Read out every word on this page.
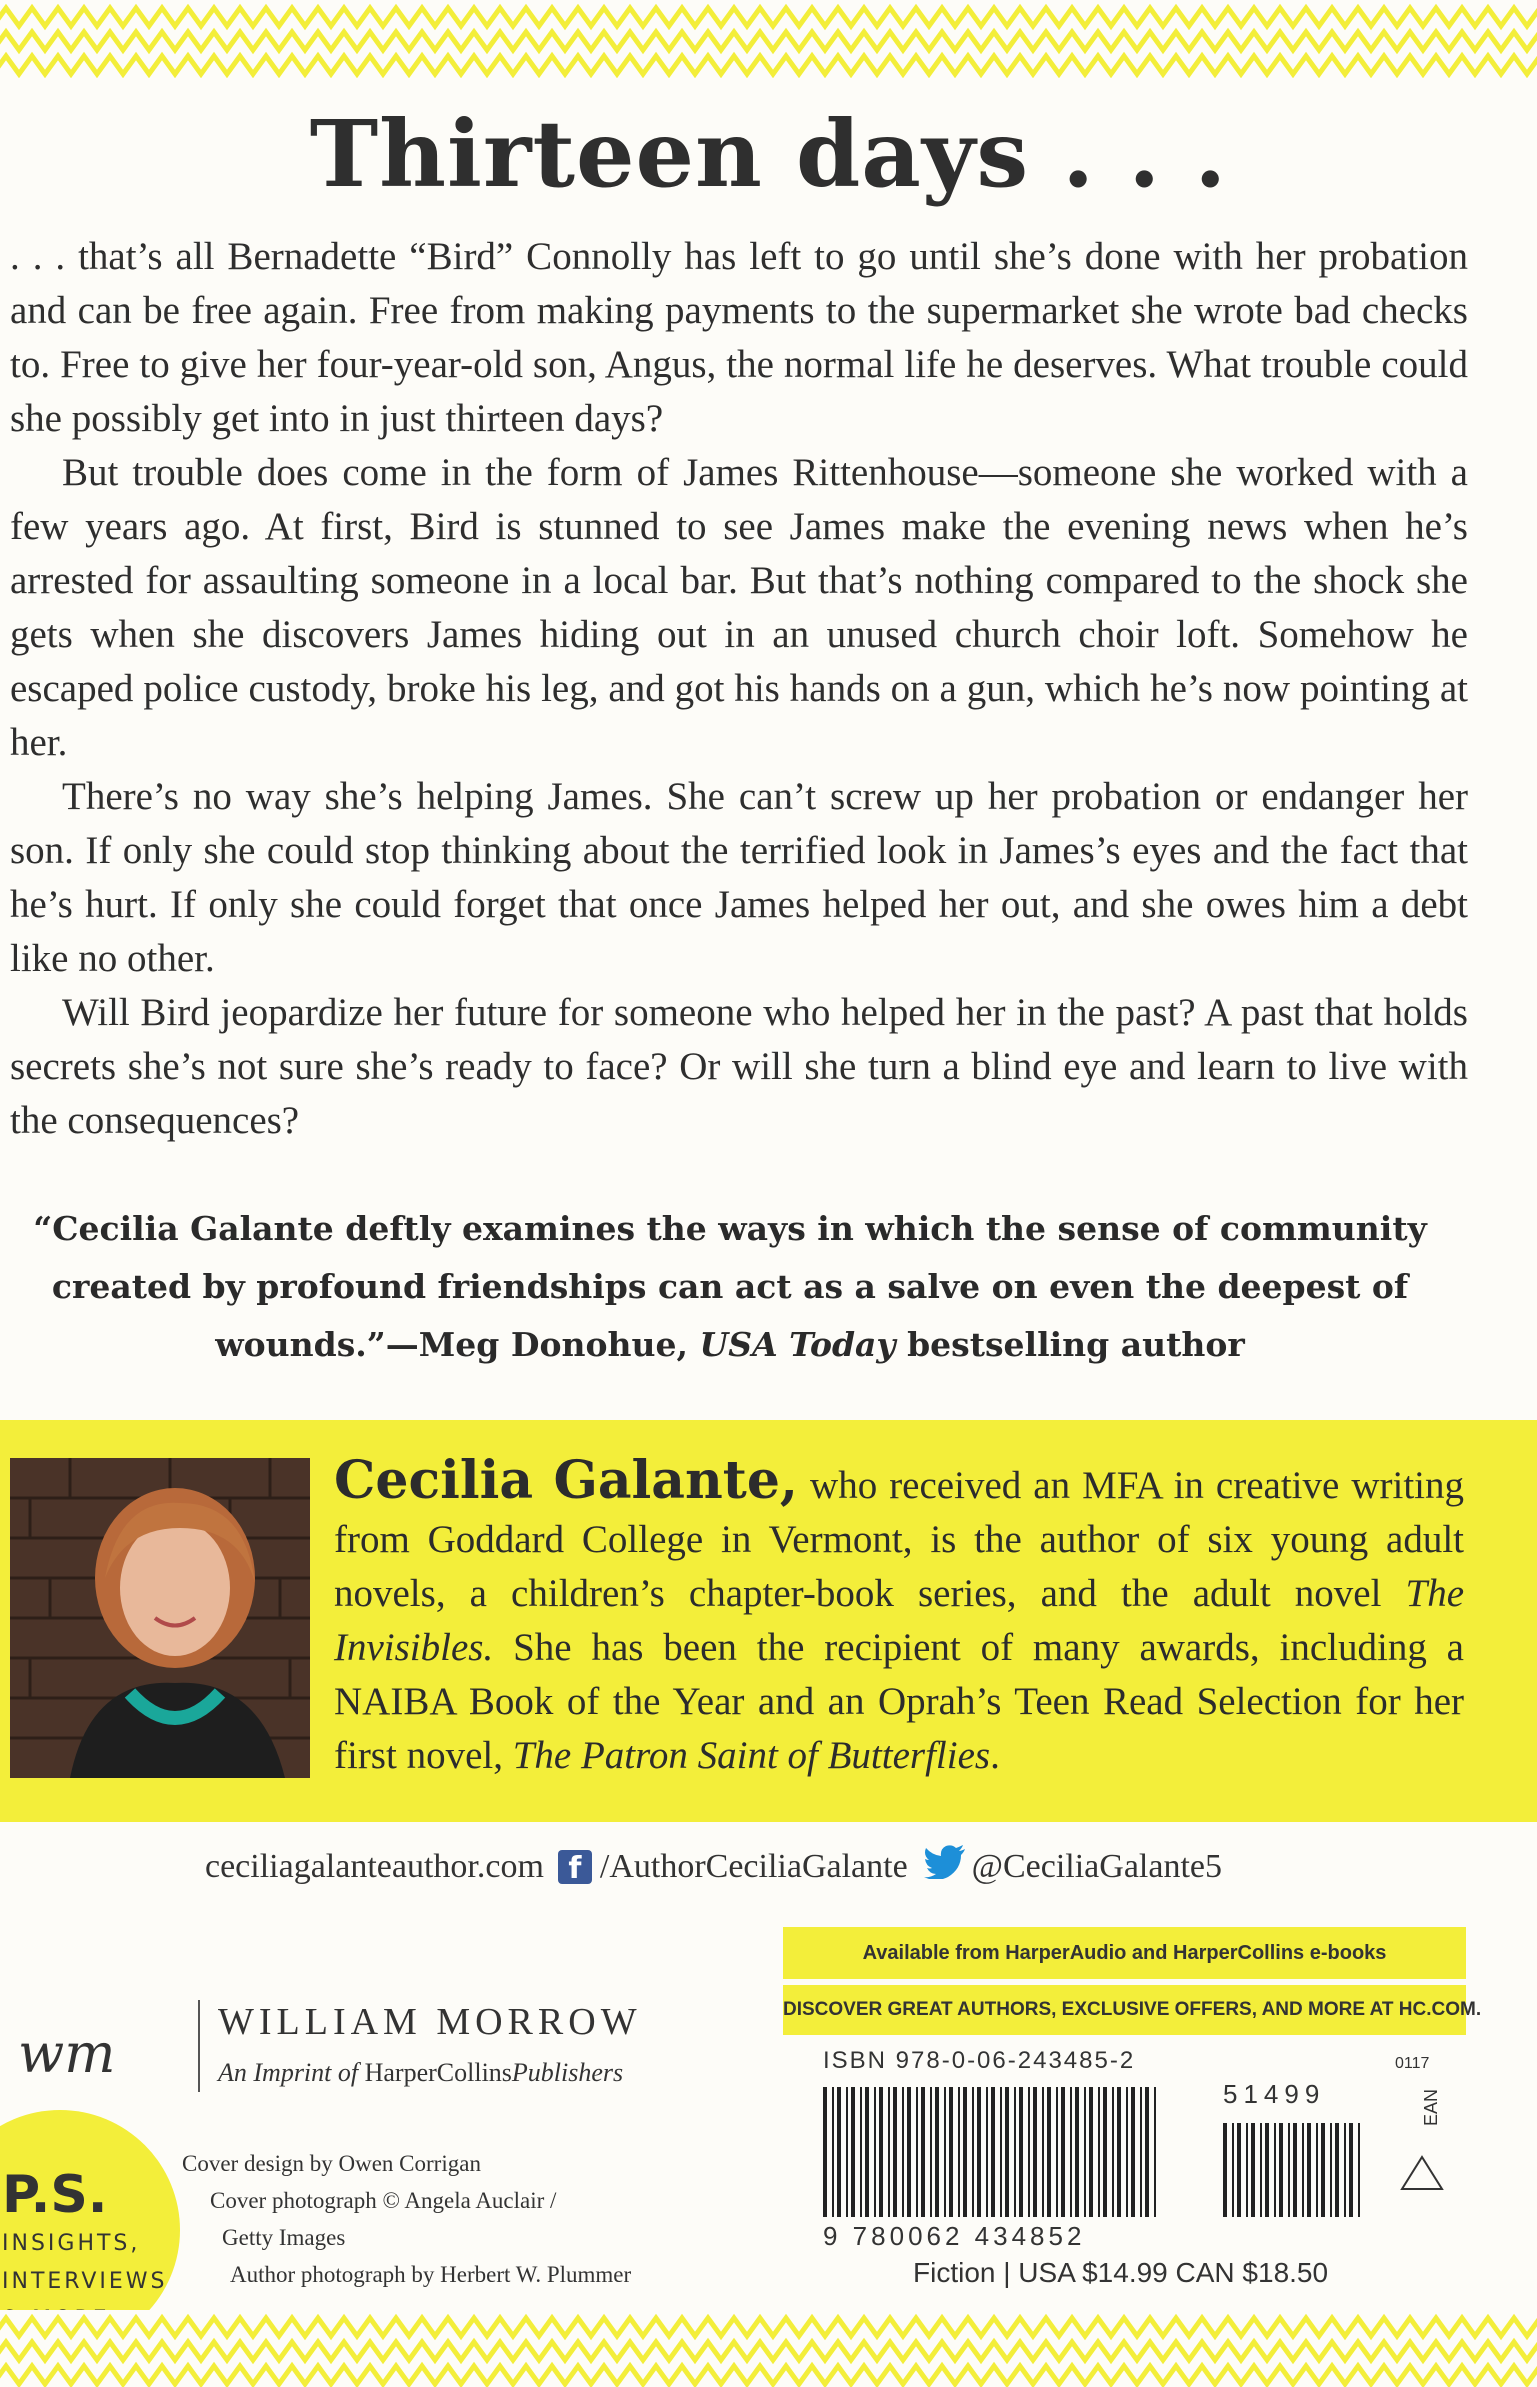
Thirteen days . . .

. . . that’s all Bernadette “Bird” Connolly has left to go until she’s done with her probation and can be free again. Free from making payments to the supermarket she wrote bad checks to. Free to give her four-year-old son, Angus, the normal life he deserves. What trouble could she possibly get into in just thirteen days?

But trouble does come in the form of James Rittenhouse—someone she worked with a few years ago. At first, Bird is stunned to see James make the evening news when he’s arrested for assaulting someone in a local bar. But that’s nothing compared to the shock she gets when she discovers James hiding out in an unused church choir loft. Somehow he escaped police custody, broke his leg, and got his hands on a gun, which he’s now pointing at her.

There’s no way she’s helping James. She can’t screw up her probation or endanger her son. If only she could stop thinking about the terrified look in James’s eyes and the fact that he’s hurt. If only she could forget that once James helped her out, and she owes him a debt like no other.

Will Bird jeopardize her future for someone who helped her in the past? A past that holds secrets she’s not sure she’s ready to face? Or will she turn a blind eye and learn to live with the consequences?

“Cecilia Galante deftly examines the ways in which the sense of community created by profound friendships can act as a salve on even the deepest of wounds.”—Meg Donohue, USA Today bestselling author
Cecilia Galante, who received an MFA in creative writing from Goddard College in Vermont, is the author of six young adult novels, a children’s chapter-book series, and the adult novel The Invisibles. She has been the recipient of many awards, including a NAIBA Book of the Year and an Oprah’s Teen Read Selection for her first novel, The Patron Saint of Butterflies.
ceciliagalanteauthor.com f /AuthorCeciliaGalante @CeciliaGalante5
wm	WILLIAM MORROW
An Imprint of HarperCollinsPublishers
P.S.
INSIGHTS,
INTERVIEWS
Cover design by Owen Corrigan
Cover photograph © Angela Auclair /
Getty Images
Author photograph by Herbert W. Plummer
Available from HarperAudio and HarperCollins e-books
DISCOVER GREAT AUTHORS, EXCLUSIVE OFFERS, AND MORE AT HC.COM.
ISBN 978-0-06-243485-2	0117
51499
9 780062 434852
EAN
Fiction | USA $14.99 CAN $18.50
